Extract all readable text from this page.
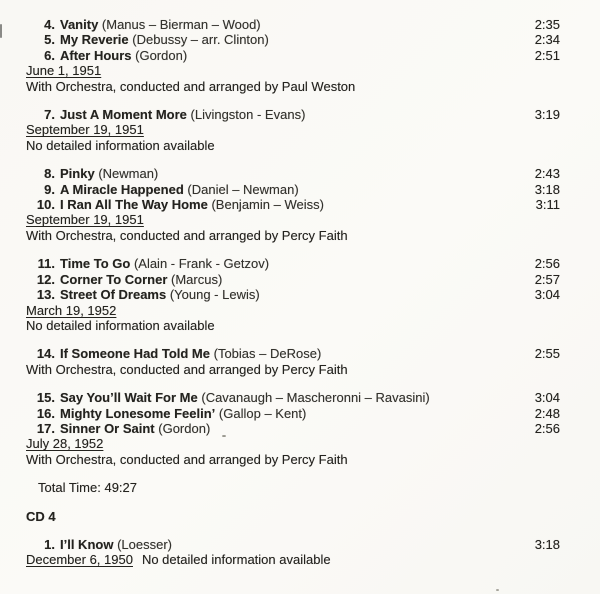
4. Vanity (Manus – Bierman – Wood)	2:35
5. My Reverie (Debussy – arr. Clinton)	2:34
6. After Hours (Gordon)	2:51
June 1, 1951
With Orchestra, conducted and arranged by Paul Weston
7. Just A Moment More (Livingston - Evans)	3:19
September 19, 1951
No detailed information available
8. Pinky (Newman)	2:43
9. A Miracle Happened (Daniel – Newman)	3:18
10. I Ran All The Way Home (Benjamin – Weiss)	3:11
September 19, 1951
With Orchestra, conducted and arranged by Percy Faith
11. Time To Go (Alain - Frank - Getzov)	2:56
12. Corner To Corner (Marcus)	2:57
13. Street Of Dreams (Young - Lewis)	3:04
March 19, 1952
No detailed information available
14. If Someone Had Told Me (Tobias – DeRose)	2:55
With Orchestra, conducted and arranged by Percy Faith
15. Say You’ll Wait For Me (Cavanaugh – Mascheronni – Ravasini)	3:04
16. Mighty Lonesome Feelin’ (Gallop – Kent)	2:48
17. Sinner Or Saint (Gordon)	2:56
July 28, 1952
With Orchestra, conducted and arranged by Percy Faith
Total Time: 49:27
CD 4
1. I’ll Know (Loesser)	3:18
December 6, 1950 No detailed information available
